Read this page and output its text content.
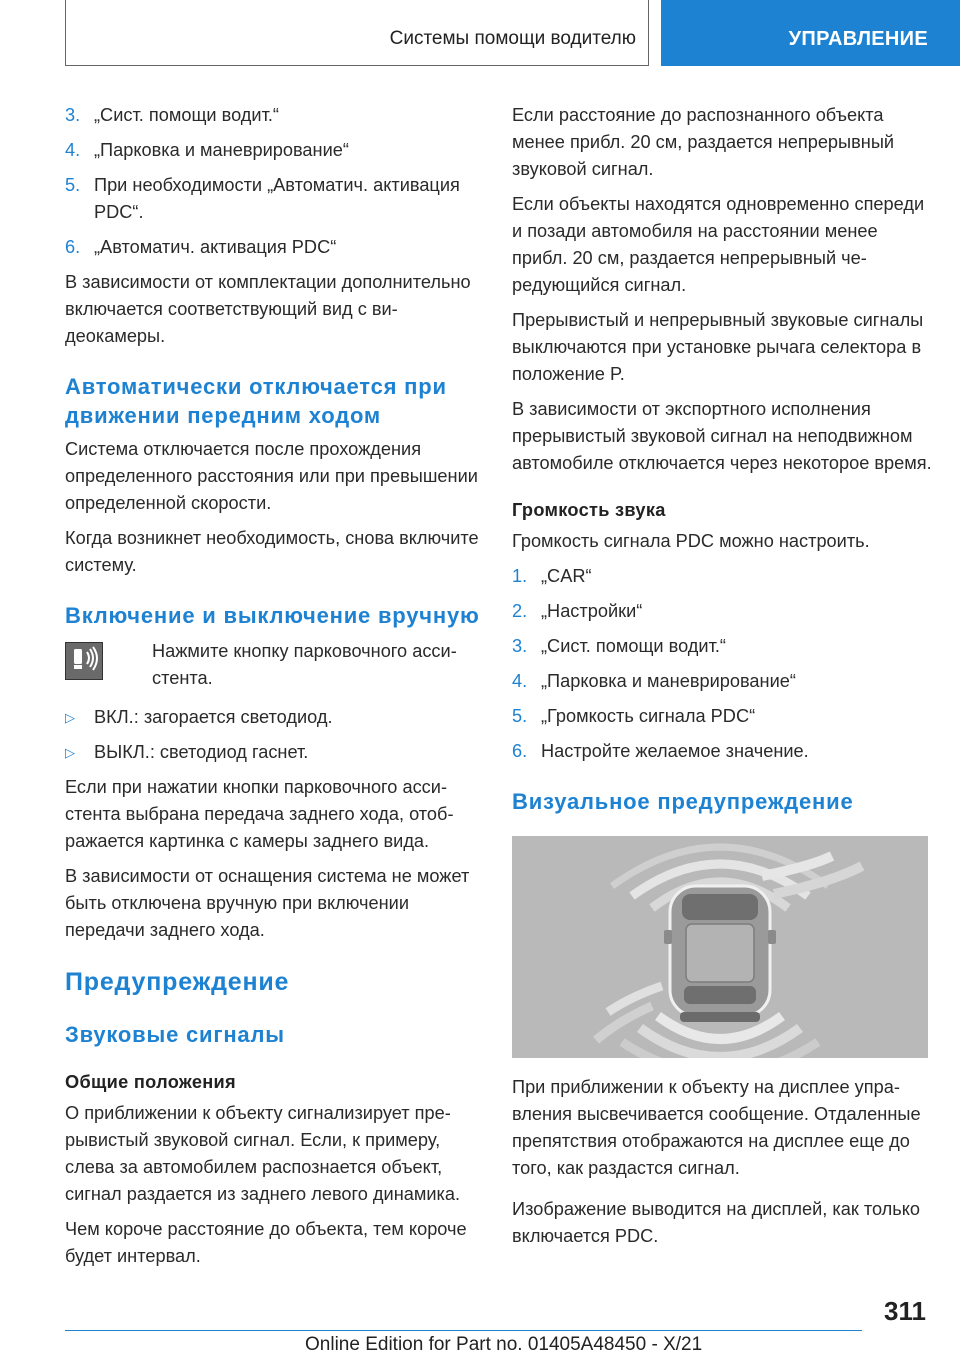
Системы помощи водителю	УПРАВЛЕНИЕ
3. „Сист. помощи водит.“
4. „Парковка и маневрирование“
5. При необходимости „Автоматич. активация PDC“.
6. „Автоматич. активация PDC“

В зависимости от комплектации дополнительно включается соответствующий вид с видеокамеры.

Автоматически отключается при движении передним ходом

Система отключается после прохождения определенного расстояния или при превышении определенной скорости.

Когда возникнет необходимость, снова включите систему.

Включение и выключение вручную
Нажмите кнопку парковочного ассистента.
▷	ВКЛ.: загорается светодиод.
▷	ВЫКЛ.: светодиод гаснет.

Если при нажатии кнопки парковочного ассистента выбрана передача заднего хода, отображается картинка с камеры заднего вида.

В зависимости от оснащения система не может быть отключена вручную при включении передачи заднего хода.

Предупреждение
Звуковые сигналы
Общие положения

О приближении к объекту сигнализирует прерывистый звуковой сигнал. Если, к примеру, слева за автомобилем распознается объект, сигнал раздается из заднего левого динамика.

Чем короче расстояние до объекта, тем короче будет интервал.

Если расстояние до распознанного объекта менее прибл. 20 см, раздается непрерывный звуковой сигнал.

Если объекты находятся одновременно спереди и позади автомобиля на расстоянии менее прибл. 20 см, раздается непрерывный чередующийся сигнал.

Прерывистый и непрерывный звуковые сигналы выключаются при установке рычага селектора в положение P.

В зависимости от экспортного исполнения прерывистый звуковой сигнал на неподвижном автомобиле отключается через некоторое время.

Громкость звука

Громкость сигнала PDC можно настроить.

1. „CAR“
2. „Настройки“
3. „Сист. помощи водит.“
4. „Парковка и маневрирование“
5. „Громкость сигнала PDC“
6. Настройте желаемое значение.
Визуальное предупреждение

При приближении к объекту на дисплее управления высвечивается сообщение. Отдаленные препятствия отображаются на дисплее еще до того, как раздастся сигнал.

Изображение выводится на дисплей, как только включается PDC.

311
Online Edition for Part no. 01405A48450 - X/21
